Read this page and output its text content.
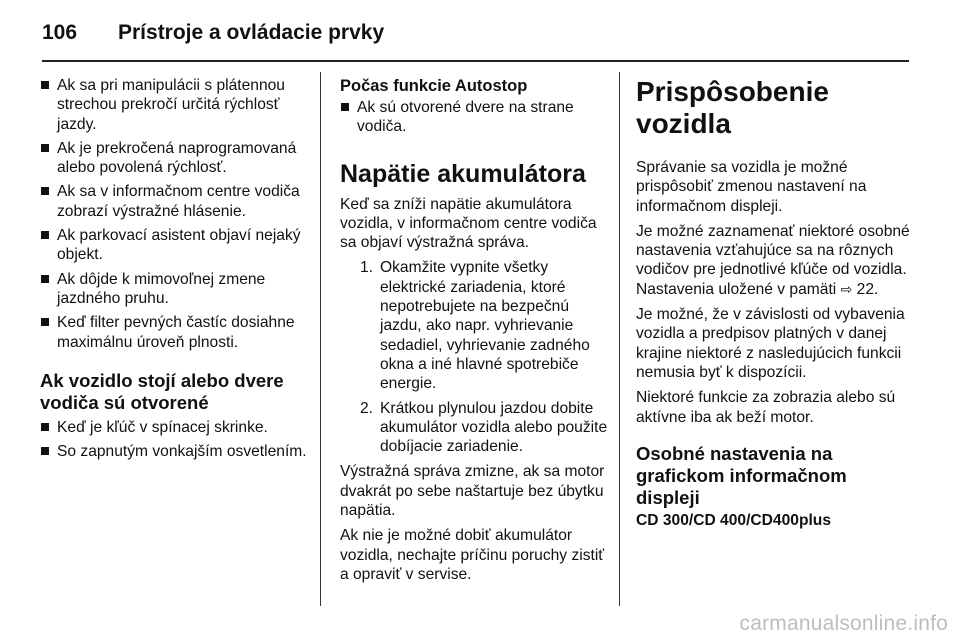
106	Prístroje a ovládacie prvky
Ak sa pri manipulácii s plátennou strechou prekročí určitá rýchlosť jazdy.
Ak je prekročená naprogramovaná alebo povolená rýchlosť.
Ak sa v informačnom centre vodiča zobrazí výstražné hlásenie.
Ak parkovací asistent objaví nejaký objekt.
Ak dôjde k mimovoľnej zmene jazdného pruhu.
Keď filter pevných častíc dosiahne maximálnu úroveň plnosti.
Ak vozidlo stojí alebo dvere vodiča sú otvorené
Keď je kľúč v spínacej skrinke.
So zapnutým vonkajším osvetlením.
Počas funkcie Autostop
Ak sú otvorené dvere na strane vodiča.
Napätie akumulátora

Keď sa zníži napätie akumulátora vozidla, v informačnom centre vodiča sa objaví výstražná správa.

1. Okamžite vypnite všetky elektrické zariadenia, ktoré nepotrebujete na bezpečnú jazdu, ako napr. vyhrievanie sedadiel, vyhrievanie zadného okna a iné hlavné spotrebiče energie.
2. Krátkou plynulou jazdou dobite akumulátor vozidla alebo použite dobíjacie zariadenie.

Výstražná správa zmizne, ak sa motor dvakrát po sebe naštartuje bez úbytku napätia.

Ak nie je možné dobiť akumulátor vozidla, nechajte príčinu poruchy zistiť a opraviť v servise.

Prispôsobenie vozidla

Správanie sa vozidla je možné prispôsobiť zmenou nastavení na informačnom displeji.

Je možné zaznamenať niektoré osobné nastavenia vzťahujúce sa na rôznych vodičov pre jednotlivé kľúče od vozidla. Nastavenia uložené v pamäti ⇨ 22.

Je možné, že v závislosti od vybavenia vozidla a predpisov platných v danej krajine niektoré z nasledujúcich funkcii nemusia byť k dispozícii.

Niektoré funkcie za zobrazia alebo sú aktívne iba ak beží motor.

Osobné nastavenia na grafickom informačnom displeji
CD 300/CD 400/CD400plus
carmanualsonline.info
